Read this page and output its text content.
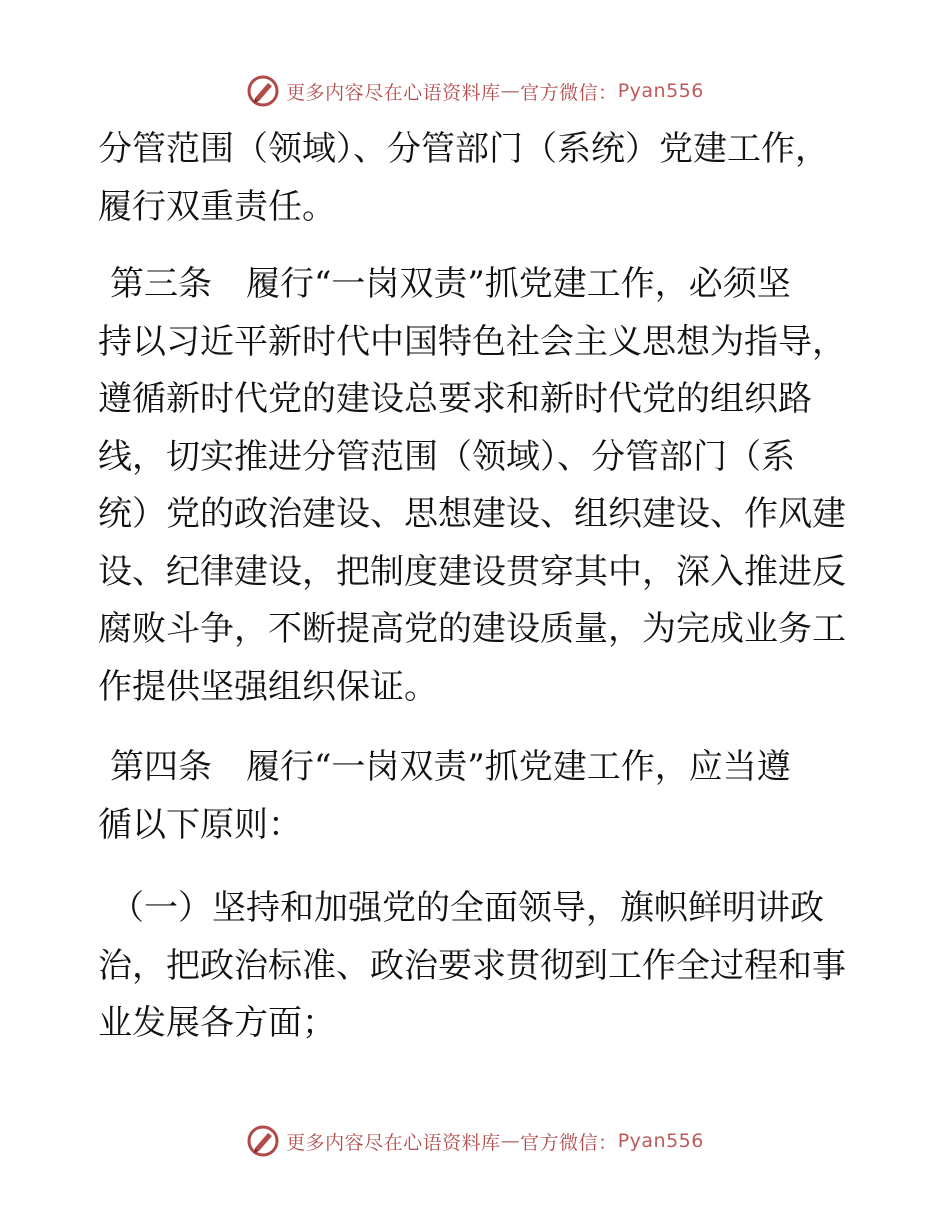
更多内容尽在心语资料库 — 官方微信： Pyan556

分管范围（领域）、分管部门（系统）党建工作，
履行双重责任。

第三条　履行“一岗双责”抓党建工作，必须坚
持以习近平新时代中国特色社会主义思想为指导，
遵循新时代党的建设总要求和新时代党的组织路
线，切实推进分管范围（领域）、分管部门（系
统）党的政治建设、思想建设、组织建设、作风建
设、纪律建设，把制度建设贯穿其中，深入推进反
腐败斗争，不断提高党的建设质量，为完成业务工
作提供坚强组织保证。

第四条　履行“一岗双责”抓党建工作，应当遵
循以下原则：

（一）坚持和加强党的全面领导，旗帜鲜明讲政
治，把政治标准、政治要求贯彻到工作全过程和事
业发展各方面；

更多内容尽在心语资料库 — 官方微信： Pyan556
